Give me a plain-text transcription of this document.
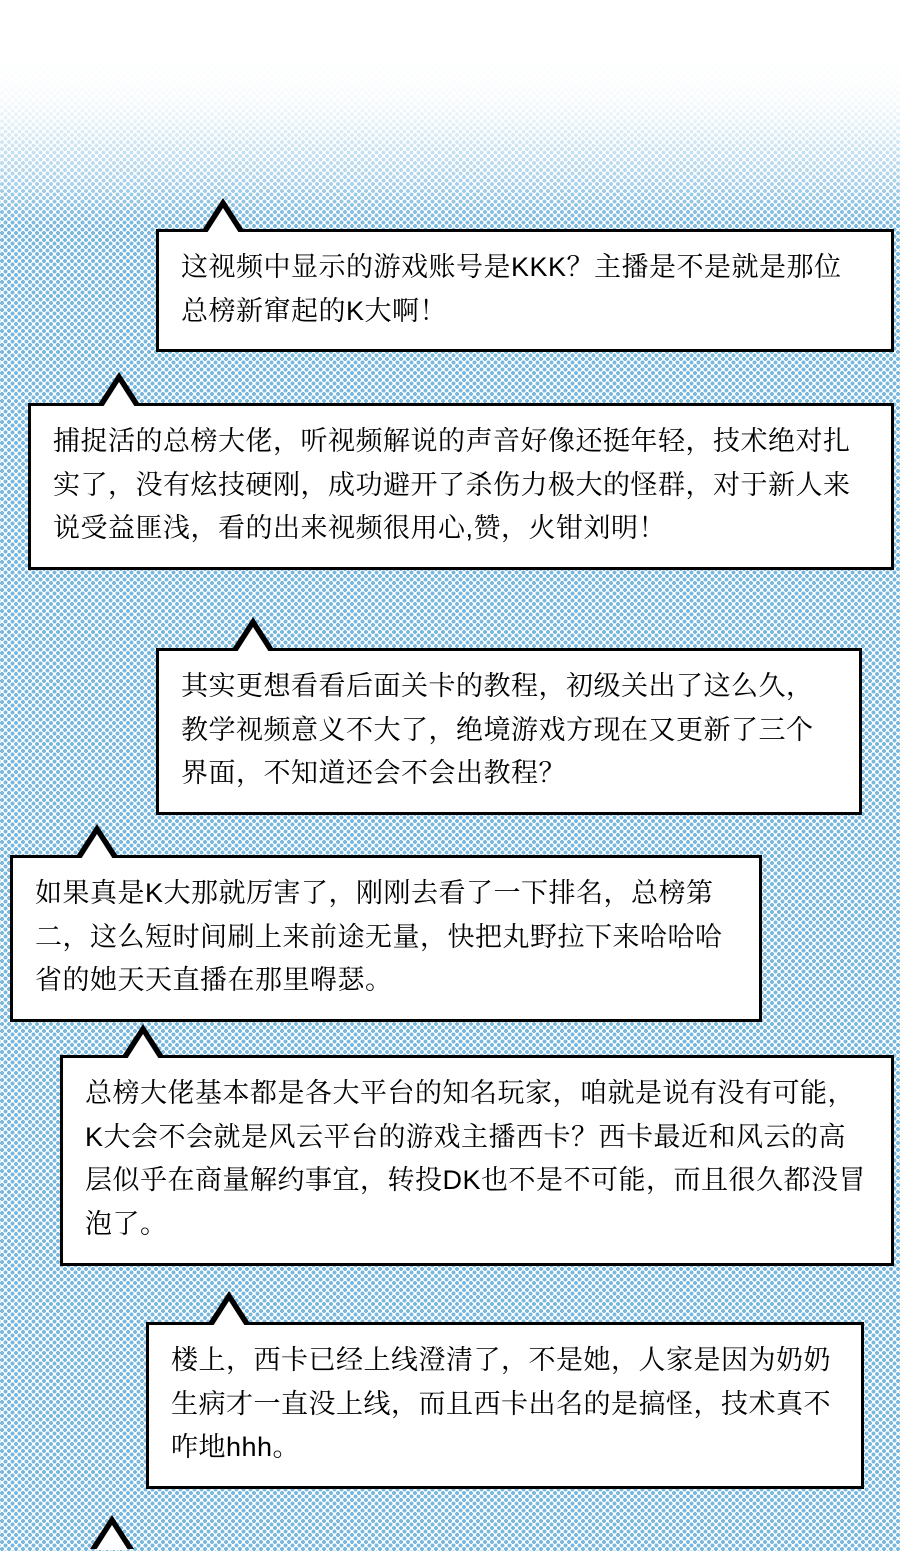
这视频中显示的游戏账号是KKK？主播是不是就是那位总榜新窜起的K大啊！

捕捉活的总榜大佬，听视频解说的声音好像还挺年轻，技术绝对扎实了，没有炫技硬刚，成功避开了杀伤力极大的怪群，对于新人来说受益匪浅，看的出来视频很用心,赞，火钳刘明！

其实更想看看后面关卡的教程，初级关出了这么久，教学视频意义不大了，绝境游戏方现在又更新了三个界面，不知道还会不会出教程？

如果真是K大那就厉害了，刚刚去看了一下排名，总榜第二，这么短时间刷上来前途无量，快把丸野拉下来哈哈哈省的她天天直播在那里嘚瑟。

总榜大佬基本都是各大平台的知名玩家，咱就是说有没有可能，K大会不会就是风云平台的游戏主播西卡？西卡最近和风云的高层似乎在商量解约事宜，转投DK也不是不可能，而且很久都没冒泡了。

楼上，西卡已经上线澄清了，不是她，人家是因为奶奶生病才一直没上线，而且西卡出名的是搞怪，技术真不咋地hhh。
